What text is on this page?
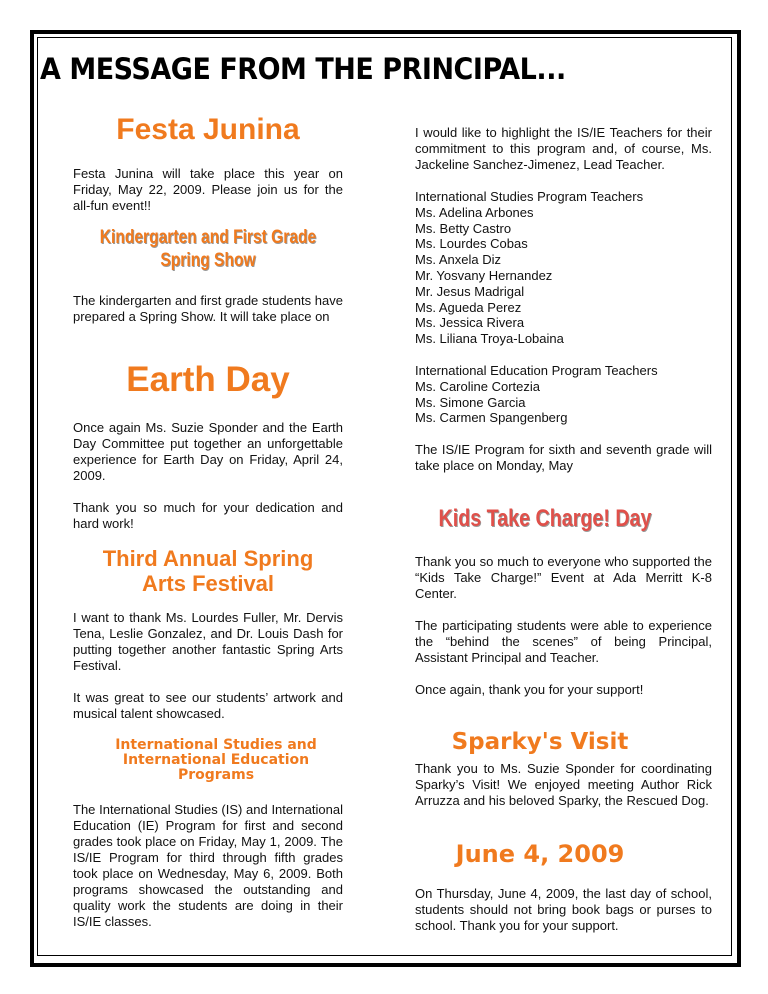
A MESSAGE FROM THE PRINCIPAL...
Festa Junina
Festa Junina will take place this year on Friday, May 22, 2009. Please join us for the all-fun event!!
Kindergarten and First Grade
Spring Show
The kindergarten and first grade students have prepared a Spring Show. It will take place on
Earth Day

Once again Ms. Suzie Sponder and the Earth Day Committee put together an unforgettable experience for Earth Day on Friday, April 24, 2009.

Thank you so much for your dedication and hard work!

Third Annual Spring
Arts Festival

I want to thank Ms. Lourdes Fuller, Mr. Dervis Tena, Leslie Gonzalez, and Dr. Louis Dash for putting together another fantastic Spring Arts Festival.

It was great to see our students’ artwork and musical talent showcased.

International Studies and
International Education
Programs
The International Studies (IS) and International Education (IE) Program for first and second grades took place on Friday, May 1, 2009. The IS/IE Program for third through fifth grades took place on Wednesday, May 6, 2009. Both programs showcased the outstanding and quality work the students are doing in their IS/IE classes.

I would like to highlight the IS/IE Teachers for their commitment to this program and, of course, Ms. Jackeline Sanchez-Jimenez, Lead Teacher.

International Studies Program Teachers
Ms. Adelina Arbones
Ms. Betty Castro
Ms. Lourdes Cobas
Ms. Anxela Diz
Mr. Yosvany Hernandez
Mr. Jesus Madrigal
Ms. Agueda Perez
Ms. Jessica Rivera
Ms. Liliana Troya-Lobaina
International Education Program Teachers
Ms. Caroline Cortezia
Ms. Simone Garcia
Ms. Carmen Spangenberg

The IS/IE Program for sixth and seventh grade will take place on Monday, May

Kids Take Charge! Day

Thank you so much to everyone who supported the “Kids Take Charge!” Event at Ada Merritt K-8 Center.

The participating students were able to experience the “behind the scenes” of being Principal, Assistant Principal and Teacher.

Once again, thank you for your support!

Sparky's Visit
Thank you to Ms. Suzie Sponder for coordinating Sparky’s Visit! We enjoyed meeting Author Rick Arruzza and his beloved Sparky, the Rescued Dog.
June 4, 2009
On Thursday, June 4, 2009, the last day of school, students should not bring book bags or purses to school. Thank you for your support.
